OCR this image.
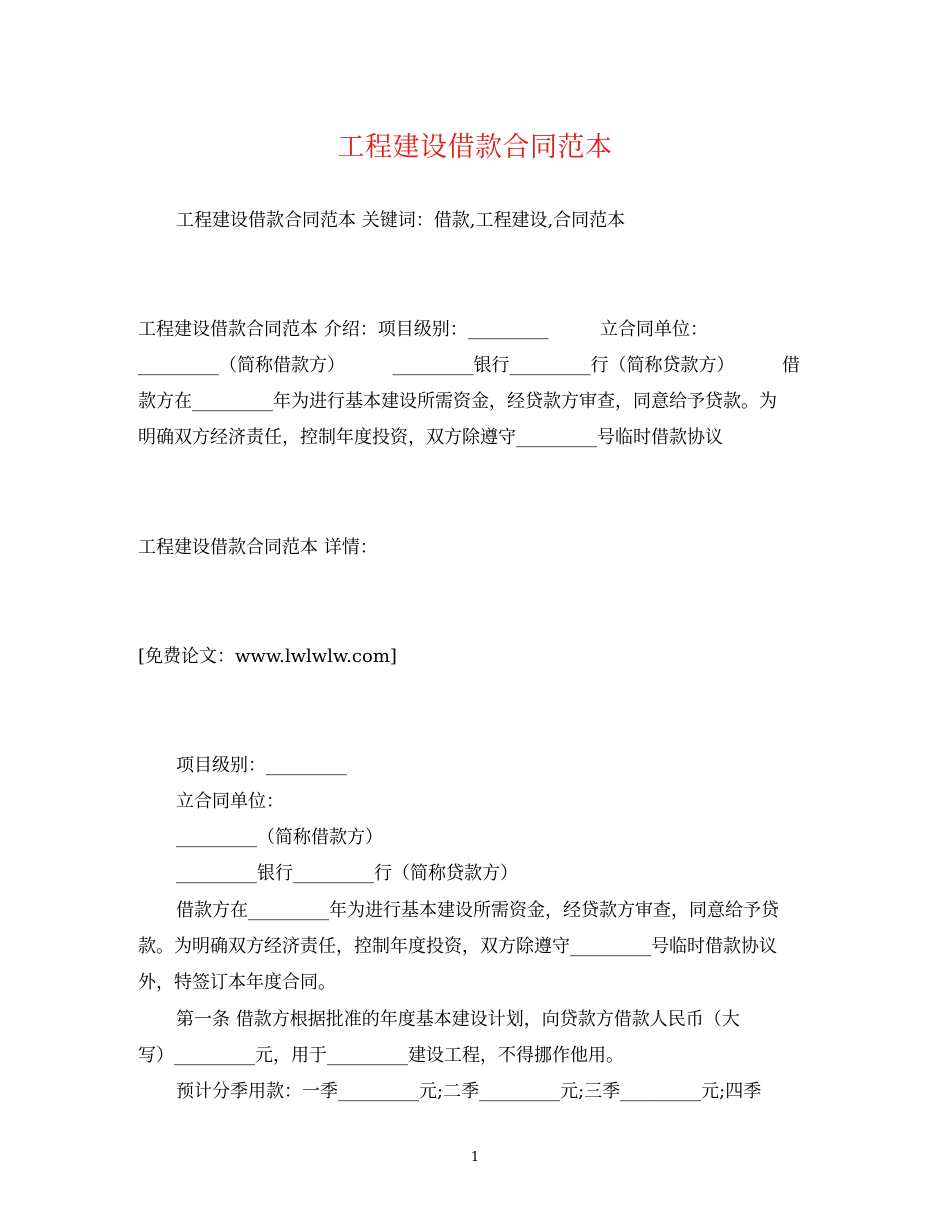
工程建设借款合同范本
工程建设借款合同范本 关键词：借款,工程建设,合同范本
工程建设借款合同范本 介绍：项目级别：_________	立合同单位：
_________（简称借款方）	_________银行_________行（简称贷款方）	借
款方在_________年为进行基本建设所需资金，经贷款方审查，同意给予贷款。为
明确双方经济责任，控制年度投资，双方除遵守_________号临时借款协议
工程建设借款合同范本 详情：
[免费论文：www.lwlwlw.com]
项目级别：_________
立合同单位：
_________（简称借款方）
_________银行_________行（简称贷款方）
借款方在_________年为进行基本建设所需资金，经贷款方审查，同意给予贷
款。为明确双方经济责任，控制年度投资，双方除遵守_________号临时借款协议
外，特签订本年度合同。
第一条 借款方根据批准的年度基本建设计划，向贷款方借款人民币（大
写）_________元，用于_________建设工程，不得挪作他用。
预计分季用款：一季_________元;二季_________元;三季_________元;四季
1
